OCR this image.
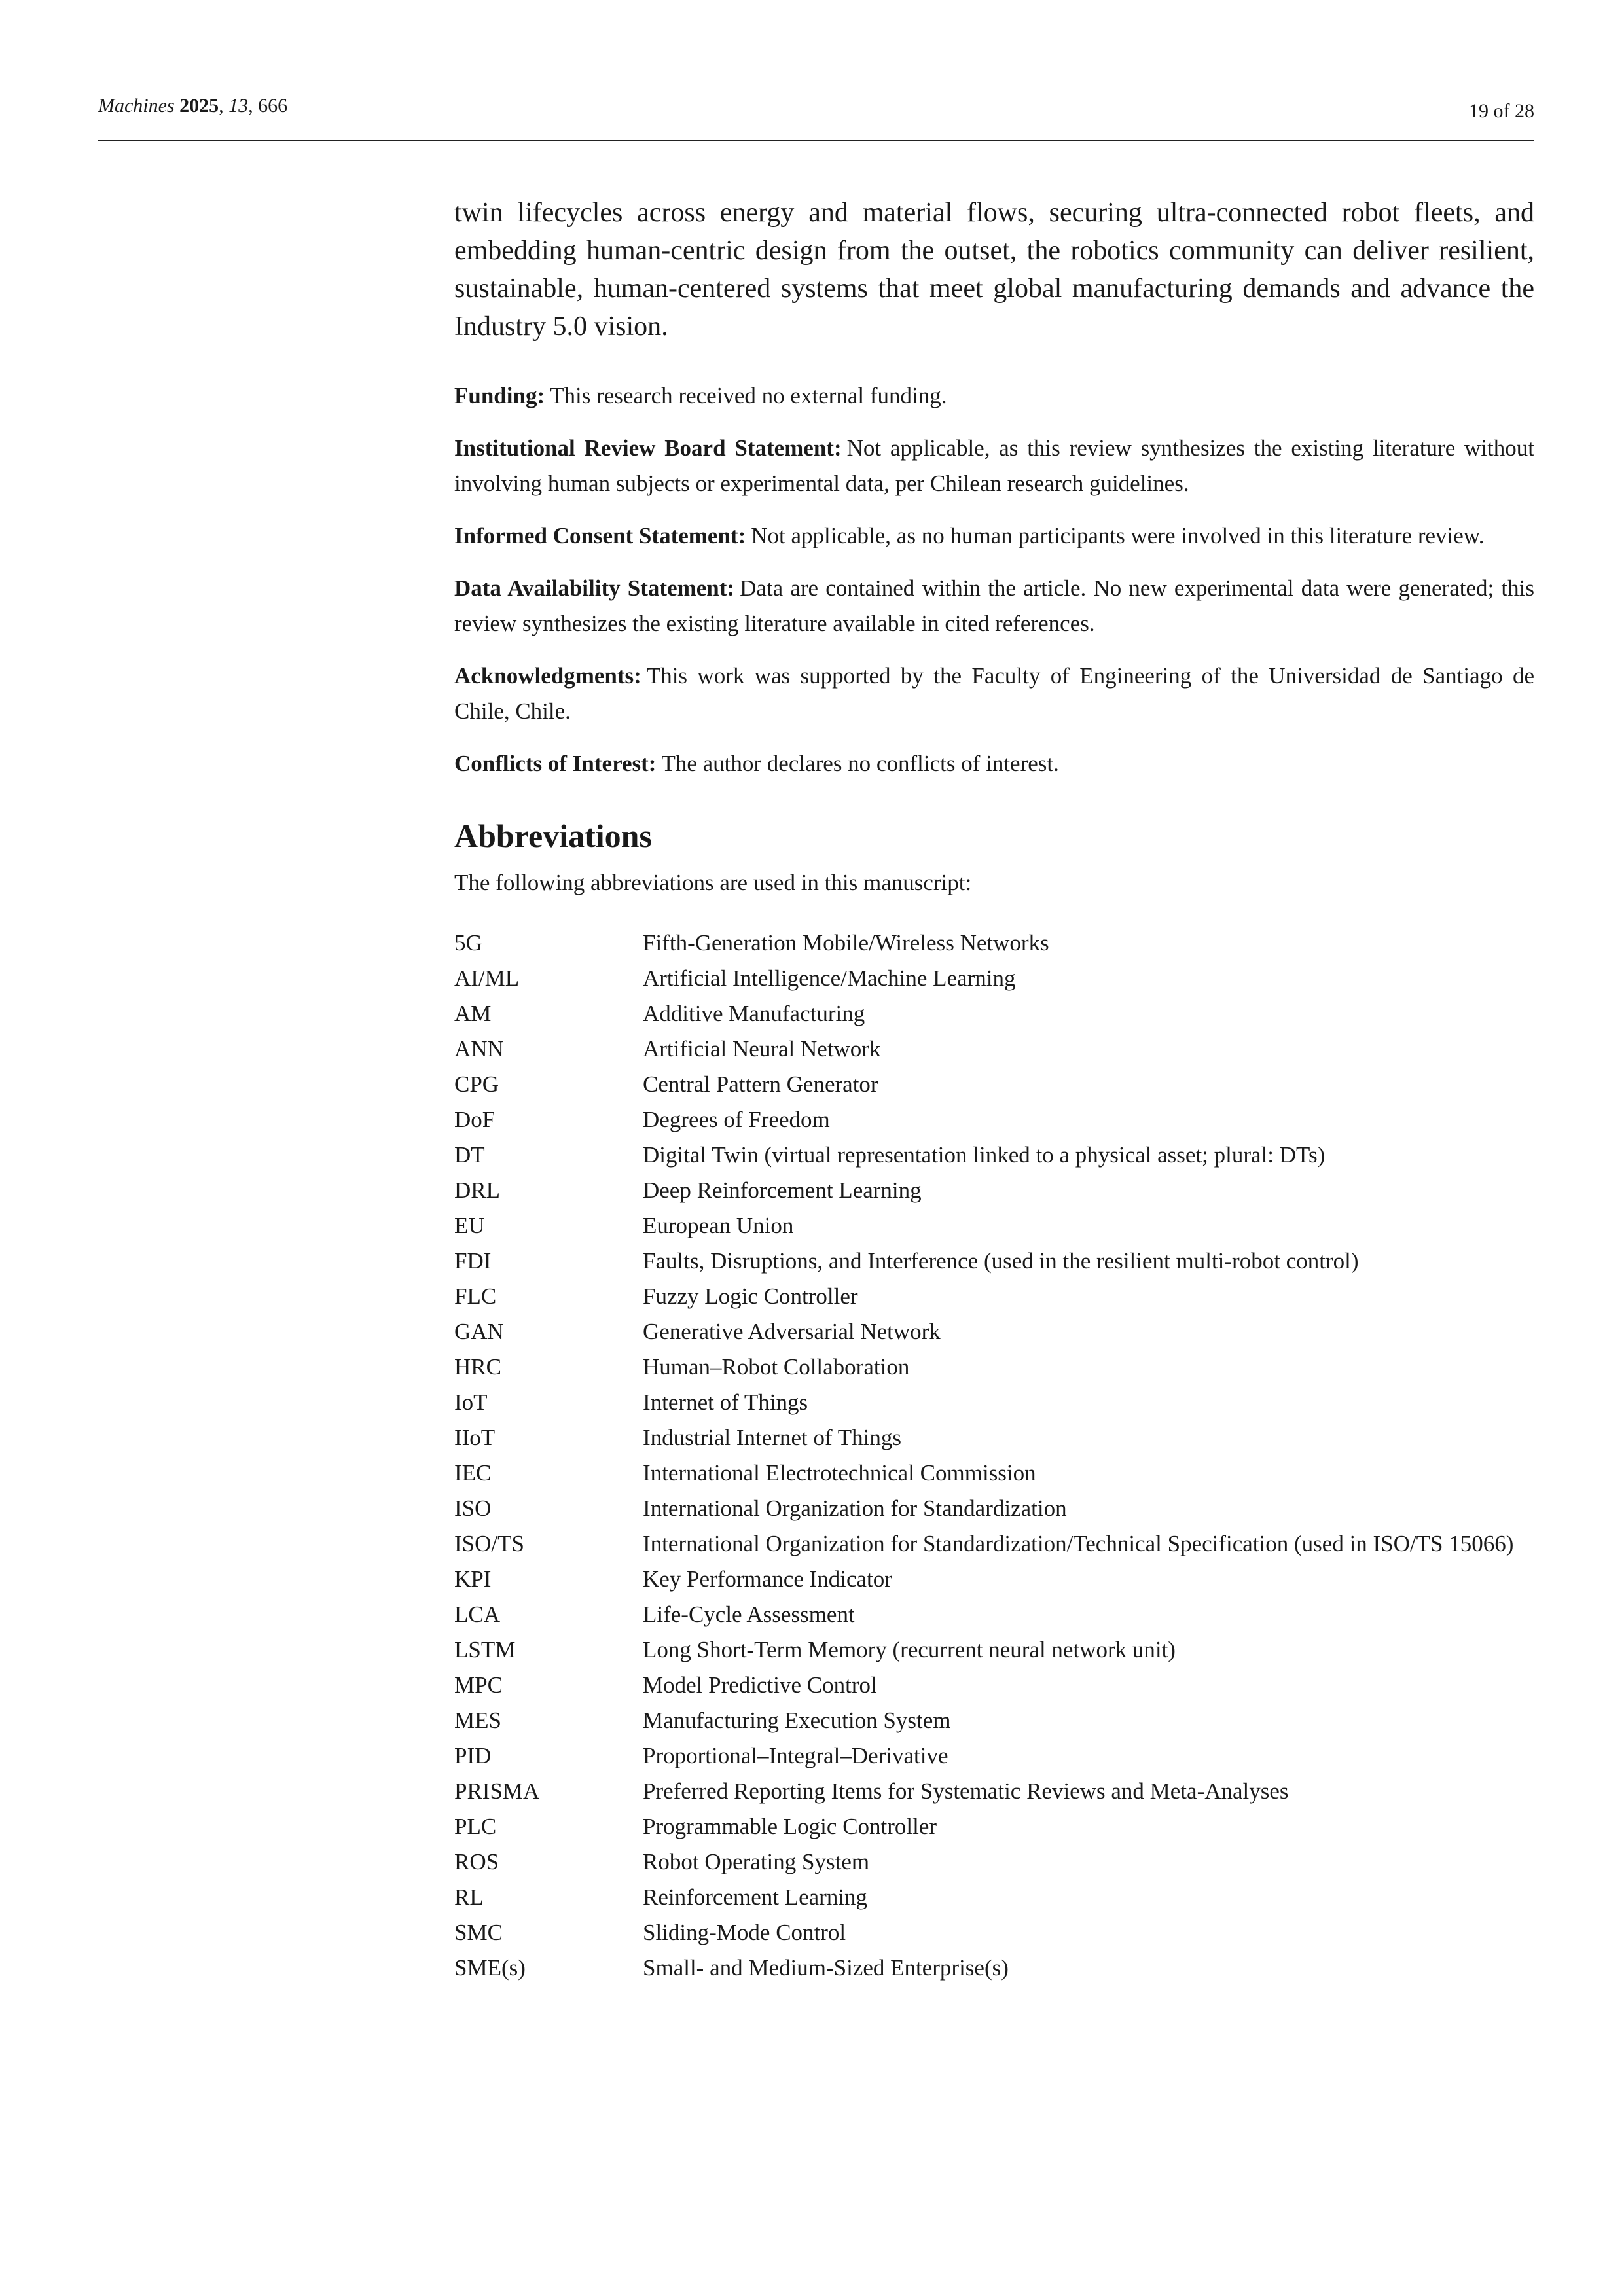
Machines 2025, 13, 666	19 of 28

twin lifecycles across energy and material flows, securing ultra-connected robot fleets, and embedding human-centric design from the outset, the robotics community can deliver resilient, sustainable, human-centered systems that meet global manufacturing demands and advance the Industry 5.0 vision.

Funding: This research received no external funding.

Institutional Review Board Statement: Not applicable, as this review synthesizes the existing literature without involving human subjects or experimental data, per Chilean research guidelines.

Informed Consent Statement: Not applicable, as no human participants were involved in this literature review.

Data Availability Statement: Data are contained within the article. No new experimental data were generated; this review synthesizes the existing literature available in cited references.

Acknowledgments: This work was supported by the Faculty of Engineering of the Universidad de Santiago de Chile, Chile.

Conflicts of Interest: The author declares no conflicts of interest.

Abbreviations

The following abbreviations are used in this manuscript:

5G	Fifth-Generation Mobile/Wireless Networks
AI/ML	Artificial Intelligence/Machine Learning
AM	Additive Manufacturing
ANN	Artificial Neural Network
CPG	Central Pattern Generator
DoF	Degrees of Freedom
DT	Digital Twin (virtual representation linked to a physical asset; plural: DTs)
DRL	Deep Reinforcement Learning
EU	European Union
FDI	Faults, Disruptions, and Interference (used in the resilient multi-robot control)
FLC	Fuzzy Logic Controller
GAN	Generative Adversarial Network
HRC	Human–Robot Collaboration
IoT	Internet of Things
IIoT	Industrial Internet of Things
IEC	International Electrotechnical Commission
ISO	International Organization for Standardization
ISO/TS	International Organization for Standardization/Technical Specification (used in ISO/TS 15066)
KPI	Key Performance Indicator
LCA	Life-Cycle Assessment
LSTM	Long Short-Term Memory (recurrent neural network unit)
MPC	Model Predictive Control
MES	Manufacturing Execution System
PID	Proportional–Integral–Derivative
PRISMA	Preferred Reporting Items for Systematic Reviews and Meta-Analyses
PLC	Programmable Logic Controller
ROS	Robot Operating System
RL	Reinforcement Learning
SMC	Sliding-Mode Control
SME(s)	Small- and Medium-Sized Enterprise(s)
